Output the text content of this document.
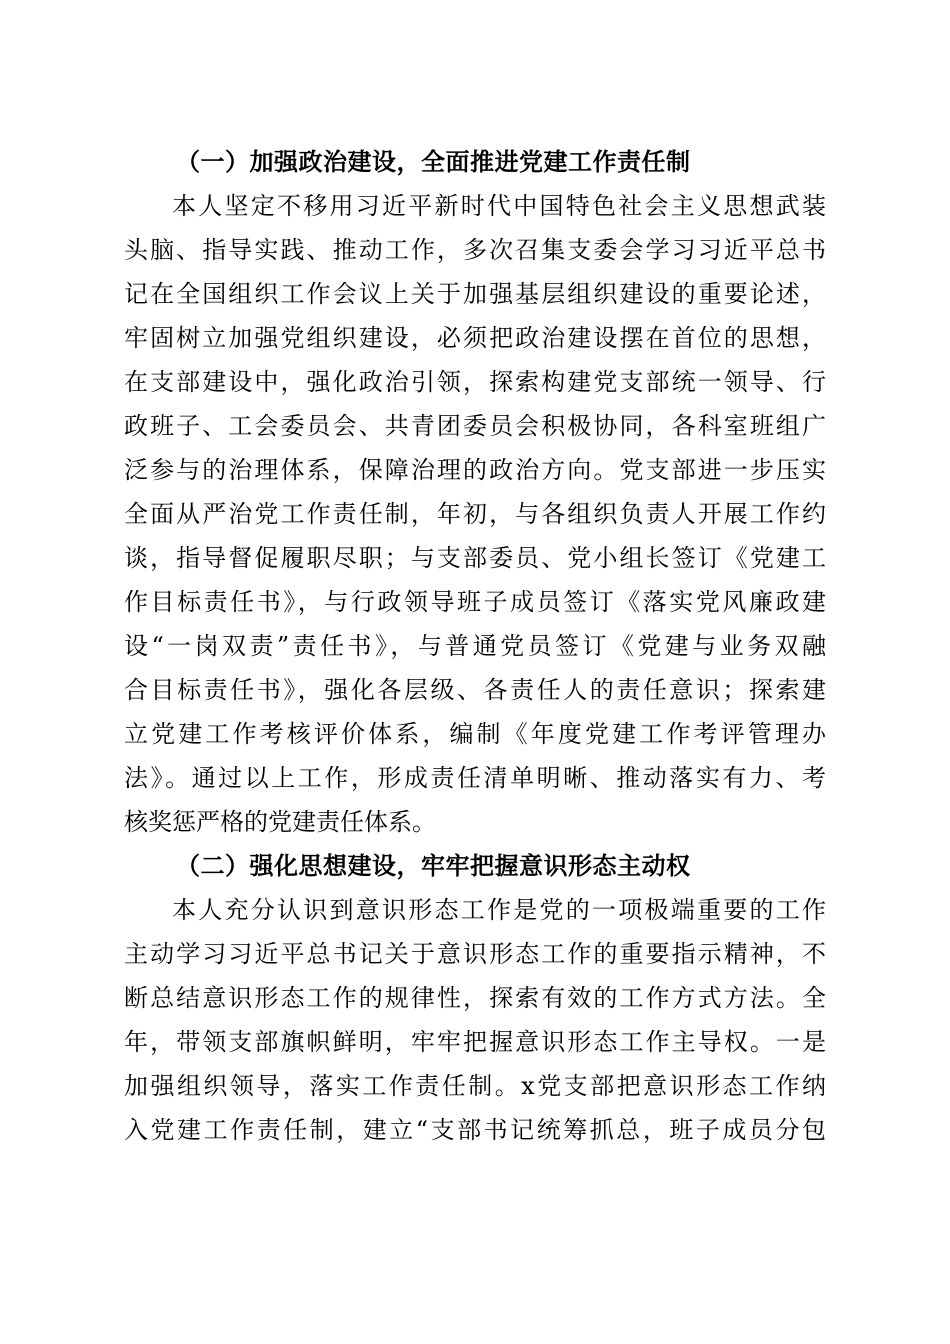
（一）加强政治建设，全面推进党建工作责任制
本人坚定不移用习近平新时代中国特色社会主义思想武装
头脑、指导实践、推动工作，多次召集支委会学习习近平总书
记在全国组织工作会议上关于加强基层组织建设的重要论述，
牢固树立加强党组织建设，必须把政治建设摆在首位的思想，
在支部建设中，强化政治引领，探索构建党支部统一领导、行
政班子、工会委员会、共青团委员会积极协同，各科室班组广
泛参与的治理体系，保障治理的政治方向。党支部进一步压实
全面从严治党工作责任制，年初，与各组织负责人开展工作约
谈，指导督促履职尽职；与支部委员、党小组长签订《党建工
作目标责任书》，与行政领导班子成员签订《落实党风廉政建
设“一岗双责”责任书》，与普通党员签订《党建与业务双融
合目标责任书》，强化各层级、各责任人的责任意识；探索建
立党建工作考核评价体系，编制《年度党建工作考评管理办
法》。通过以上工作，形成责任清单明晰、推动落实有力、考
核奖惩严格的党建责任体系。
（二）强化思想建设，牢牢把握意识形态主动权
本人充分认识到意识形态工作是党的一项极端重要的工作
主动学习习近平总书记关于意识形态工作的重要指示精神，不
断总结意识形态工作的规律性，探索有效的工作方式方法。全
年，带领支部旗帜鲜明，牢牢把握意识形态工作主导权。一是
加强组织领导，落实工作责任制。x党支部把意识形态工作纳
入党建工作责任制，建立“支部书记统筹抓总，班子成员分包
